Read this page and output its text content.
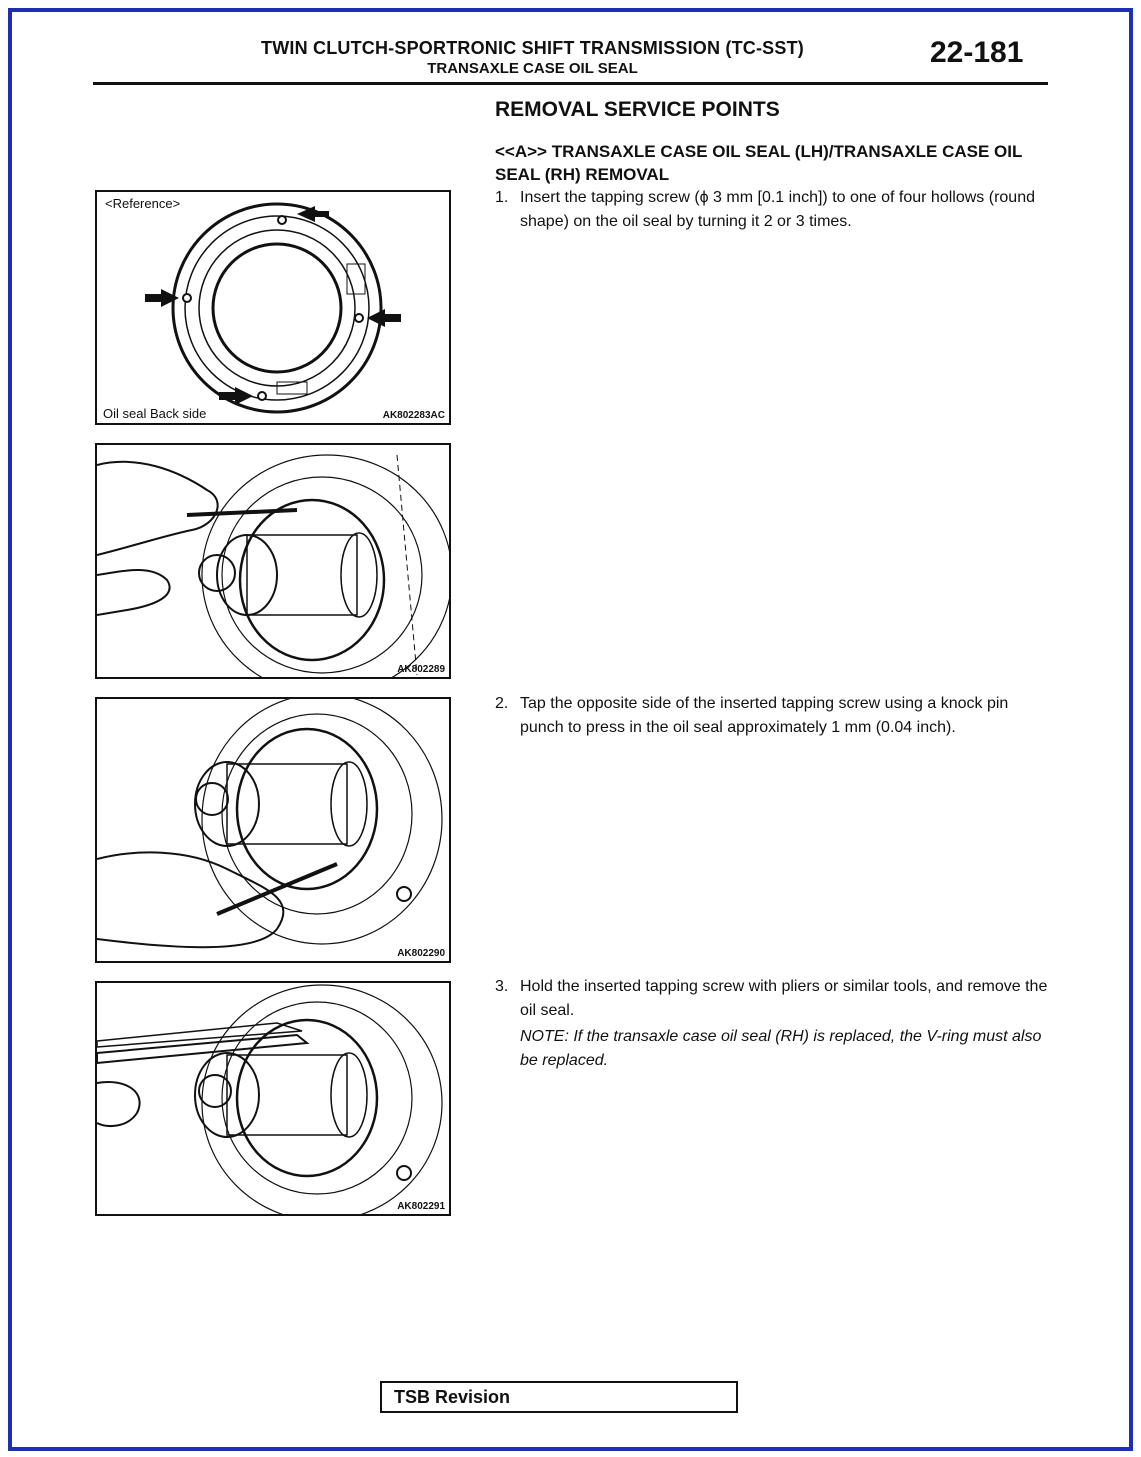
TWIN CLUTCH-SPORTRONIC SHIFT TRANSMISSION (TC-SST)
TRANSAXLE CASE OIL SEAL	22-181
REMOVAL SERVICE POINTS
<<A>> TRANSAXLE CASE OIL SEAL (LH)/TRANSAXLE CASE OIL SEAL (RH) REMOVAL
1. Insert the tapping screw (ϕ 3 mm [0.1 inch]) to one of four hollows (round shape) on the oil seal by turning it 2 or 3 times.
2. Tap the opposite side of the inserted tapping screw using a knock pin punch to press in the oil seal approximately 1 mm (0.04 inch).
3. Hold the inserted tapping screw with pliers or similar tools, and remove the oil seal.
NOTE: If the transaxle case oil seal (RH) is replaced, the V-ring must also be replaced.
<Reference>
Oil seal Back side	AK802283AC
AK802289
AK802290
AK802291
TSB Revision
